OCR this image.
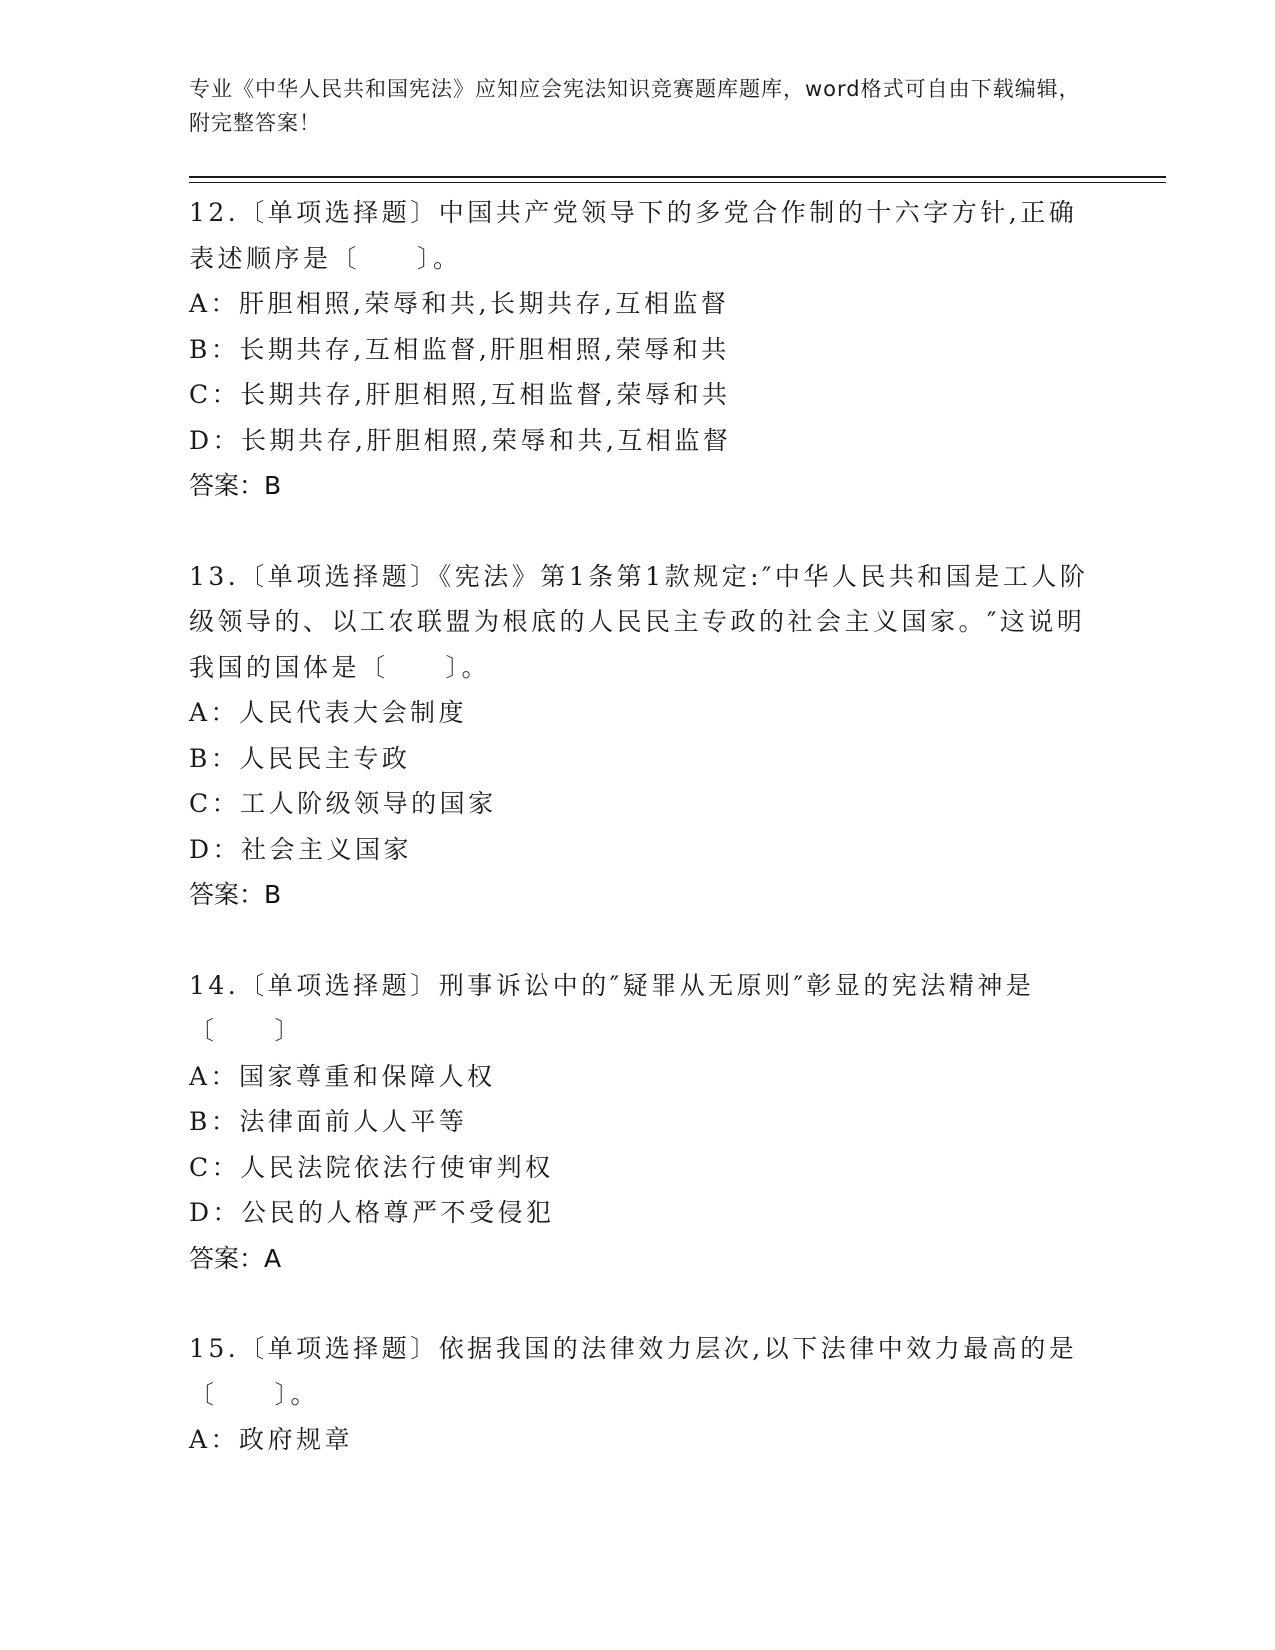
专业《中华人民共和国宪法》应知应会宪法知识竞赛题库题库，word格式可自由下载编辑，附完整答案！

12.〔单项选择题〕中国共产党领导下的多党合作制的十六字方针,正确表述顺序是〔　　〕。

A：肝胆相照,荣辱和共,长期共存,互相监督

B：长期共存,互相监督,肝胆相照,荣辱和共

C：长期共存,肝胆相照,互相监督,荣辱和共

D：长期共存,肝胆相照,荣辱和共,互相监督

答案：B

13.〔单项选择题〕《宪法》第1条第1款规定:″中华人民共和国是工人阶级领导的、以工农联盟为根底的人民民主专政的社会主义国家。″这说明我国的国体是〔　　〕。

A：人民代表大会制度

B：人民民主专政

C：工人阶级领导的国家

D：社会主义国家

答案：B

14.〔单项选择题〕刑事诉讼中的″疑罪从无原则″彰显的宪法精神是〔　　〕

A：国家尊重和保障人权

B：法律面前人人平等

C：人民法院依法行使审判权

D：公民的人格尊严不受侵犯

答案：A

15.〔单项选择题〕依据我国的法律效力层次,以下法律中效力最高的是〔　　〕。

A：政府规章
